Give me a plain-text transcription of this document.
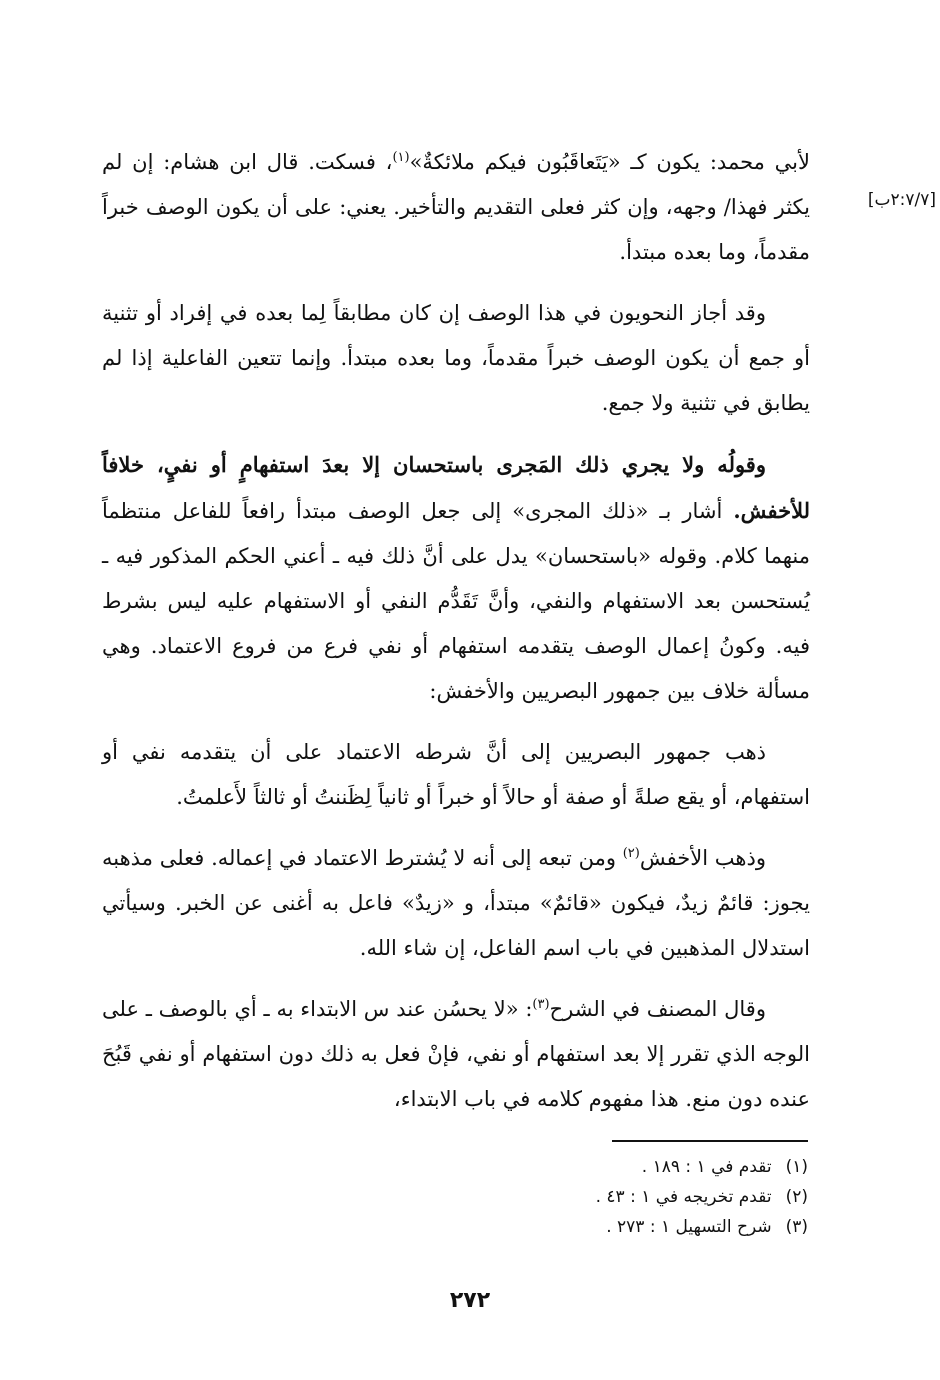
[٢:٧/٧ب]

لأبي محمد: يكون كـ «يَتَعاقَبُون فيكم ملائكةٌ»$^{(١)}$، فسكت. قال ابن هشام: إن لم يكثر فهذا/ وجهه، وإن كثر فعلى التقديم والتأخير. يعني: على أن يكون الوصف خبراً مقدماً، وما بعده مبتدأ.

وقد أجاز النحويون في هذا الوصف إن كان مطابقاً لِما بعده في إفراد أو تثنية أو جمع أن يكون الوصف خبراً مقدماً، وما بعده مبتدأ. وإنما تتعين الفاعلية إذا لم يطابق في تثنية ولا جمع.

وقولُه ولا يجري ذلك المَجرى باستحسان إلا بعدَ استفهامٍ أو نفيٍ، خلافاً للأخفش. أشار بـ «ذلك المجرى» إلى جعل الوصف مبتدأ رافعاً للفاعل منتظماً منهما كلام. وقوله «باستحسان» يدل على أنَّ ذلك فيه ـ أعني الحكم المذكور فيه ـ يُستحسن بعد الاستفهام والنفي، وأنَّ تَقَدُّم النفي أو الاستفهام عليه ليس بشرط فيه. وكونُ إعمال الوصف يتقدمه استفهام أو نفي فرع من فروع الاعتماد. وهي مسألة خلاف بين جمهور البصريين والأخفش:

ذهب جمهور البصريين إلى أنَّ شرطه الاعتماد على أن يتقدمه نفي أو استفهام، أو يقع صلةً أو صفة أو حالاً أو خبراً أو ثانياً لِظَننتُ أو ثالثاً لأَعلمتُ.

وذهب الأخفش$^{(٢)}$ ومن تبعه إلى أنه لا يُشترط الاعتماد في إعماله. فعلى مذهبه يجوز: قائمٌ زيدٌ، فيكون «قائمٌ» مبتدأ، و «زيدٌ» فاعل به أغنى عن الخبر. وسيأتي استدلال المذهبين في باب اسم الفاعل، إن شاء الله.

وقال المصنف في الشرح$^{(٣)}$: «لا يحسُن عند س الابتداء به ـ أي بالوصف ـ على الوجه الذي تقرر إلا بعد استفهام أو نفي، فإنْ فعل به ذلك دون استفهام أو نفي قَبُحَ عنده دون منع. هذا مفهوم كلامه في باب الابتداء،

(١)تقدم في ١ : ١٨٩ .
(٢)تقدم تخريجه في ١ : ٤٣ .
(٣)شرح التسهيل ١ : ٢٧٣ .
٢٧٢
